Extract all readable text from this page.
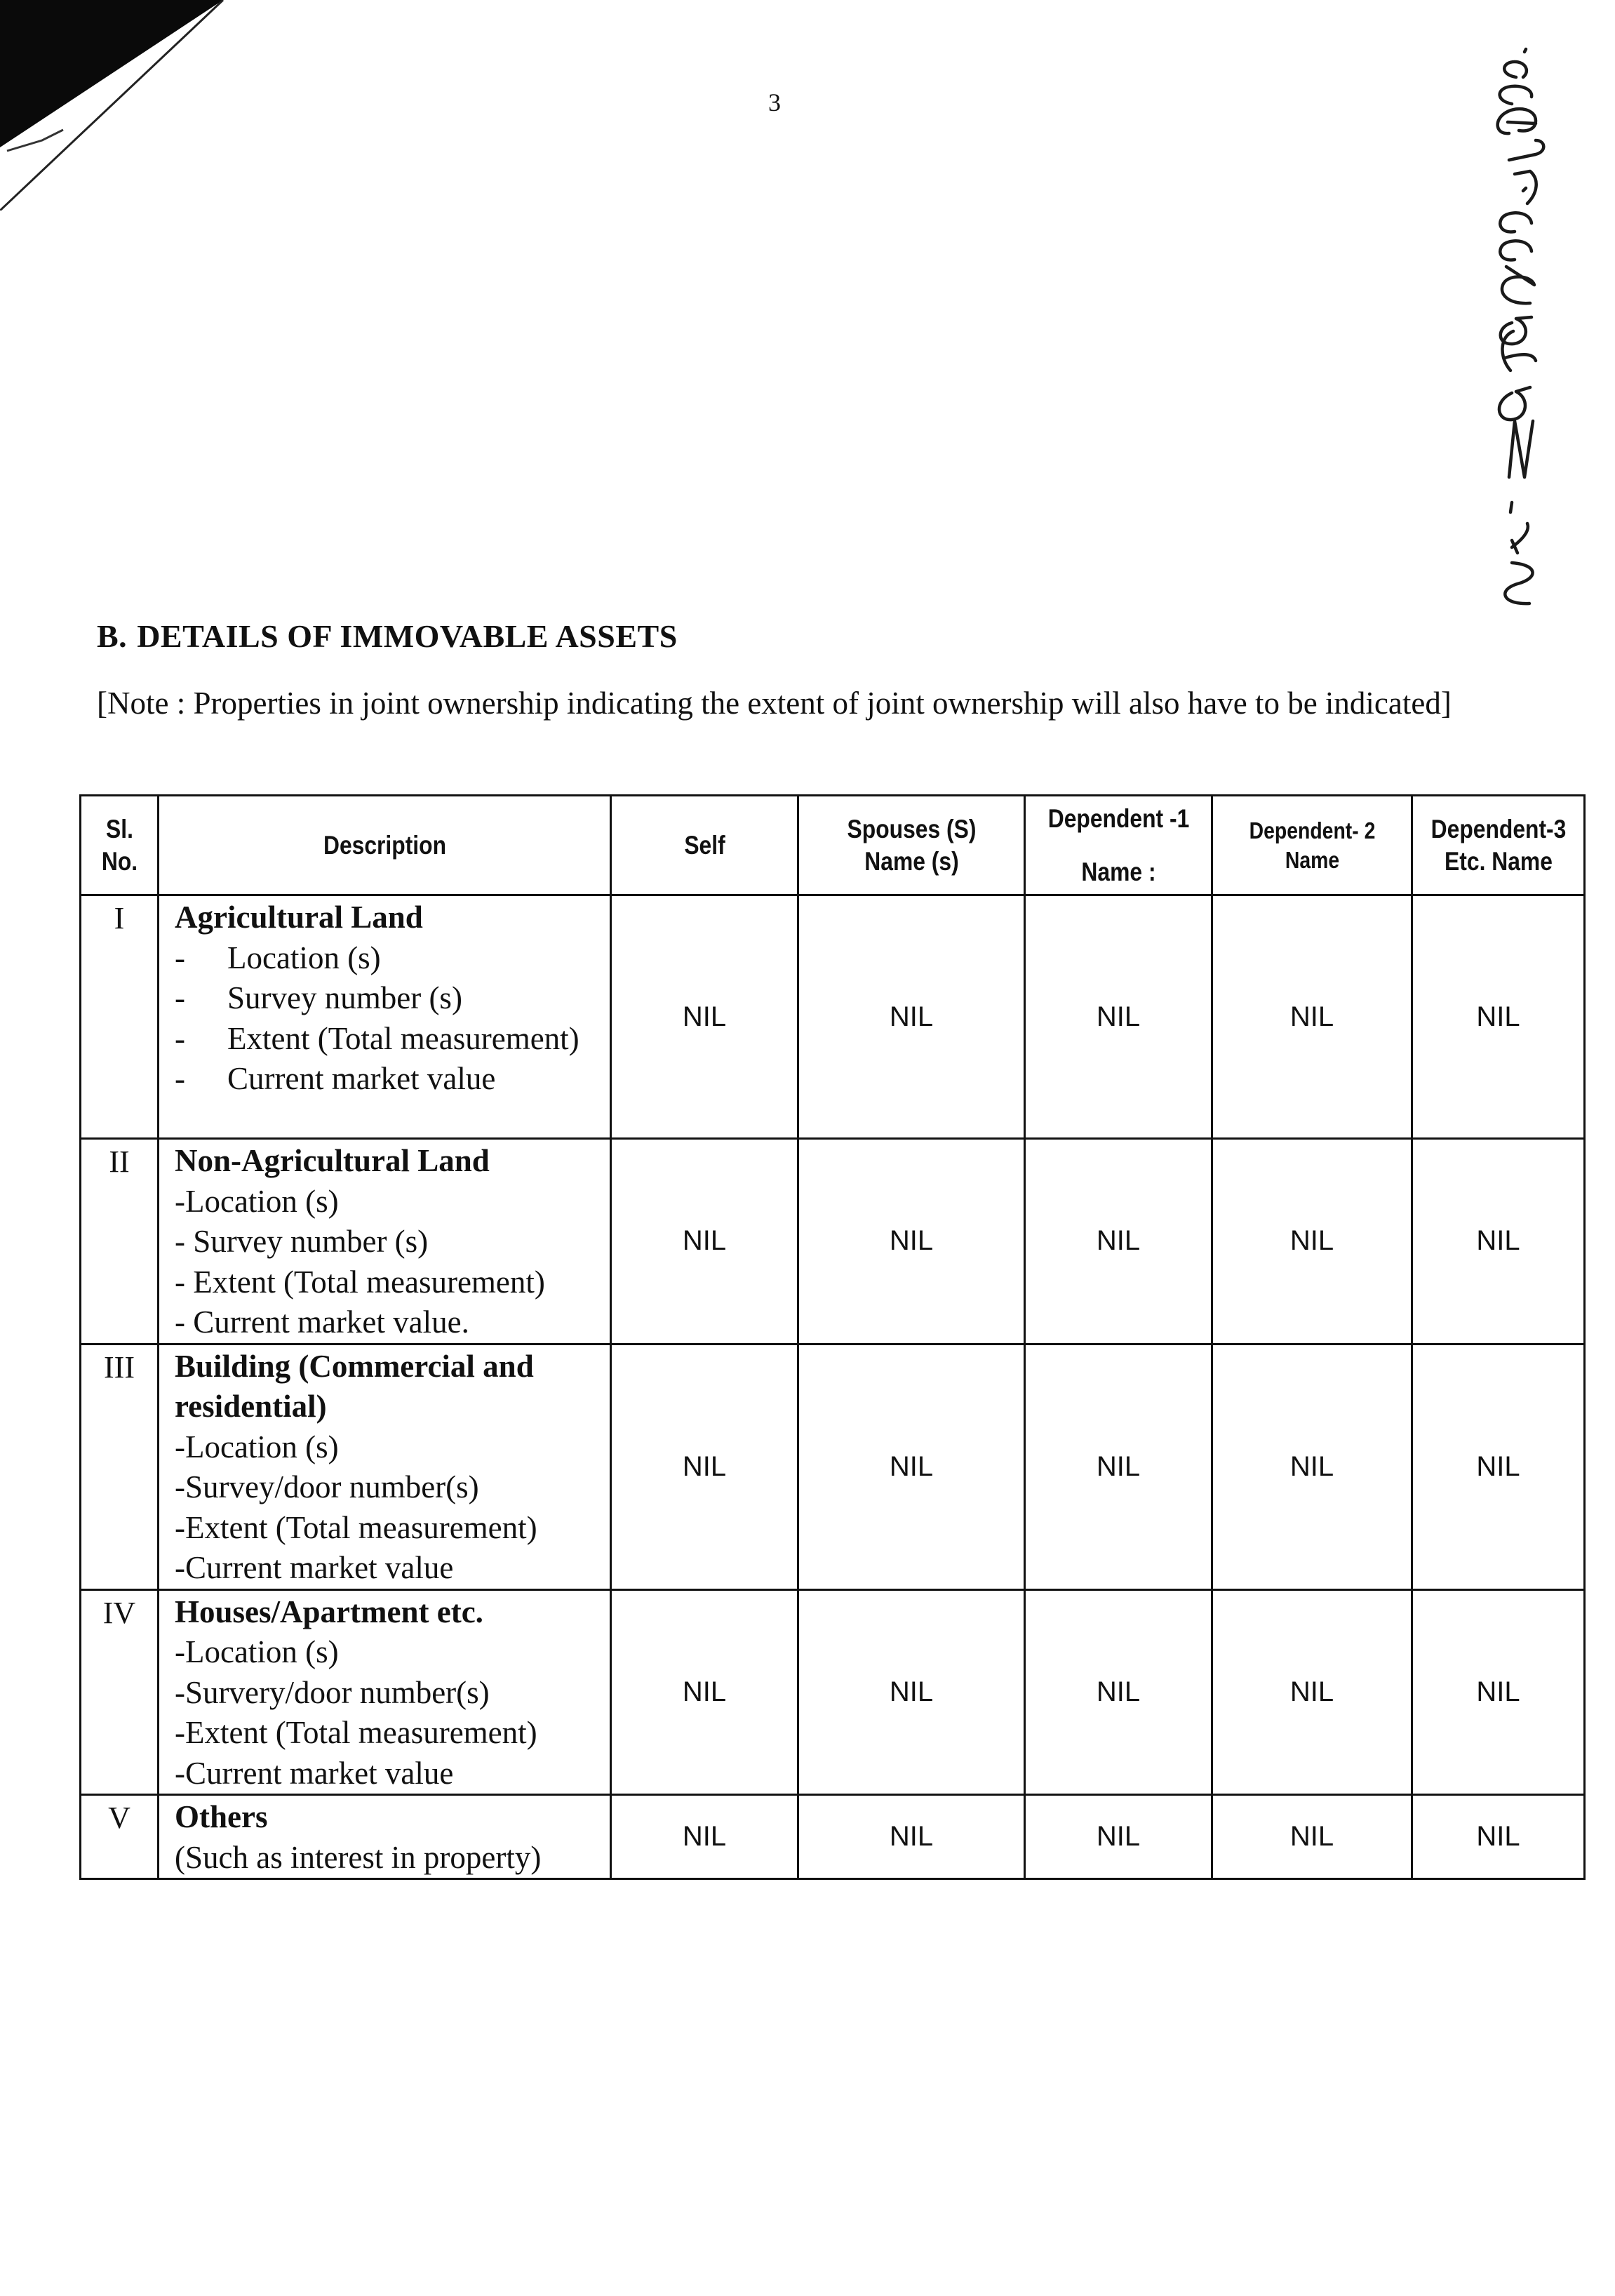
3
B. DETAILS OF IMMOVABLE ASSETS
[Note : Properties in joint ownership indicating the extent of joint ownership will also have to be indicated]
Sl. No.	Description	Self	Spouses (S) Name (s)	Dependent -1
Name :	Dependent- 2 Name	Dependent-3 Etc. Name
I	Agricultural Land
- Location (s)
- Survey number (s)
- Extent (Total measurement)
- Current market value	NIL	NIL	NIL	NIL	NIL
II	Non-Agricultural Land
-Location (s)
- Survey number (s)
- Extent (Total measurement)
- Current market value.	NIL	NIL	NIL	NIL	NIL
III	Building (Commercial and residential)
-Location (s)
-Survey/door number(s)
-Extent (Total measurement)
-Current market value	NIL	NIL	NIL	NIL	NIL
IV	Houses/Apartment etc.
-Location (s)
-Survery/door number(s)
-Extent (Total measurement)
-Current market value	NIL	NIL	NIL	NIL	NIL
V	Others
(Such as interest in property)	NIL	NIL	NIL	NIL	NIL
